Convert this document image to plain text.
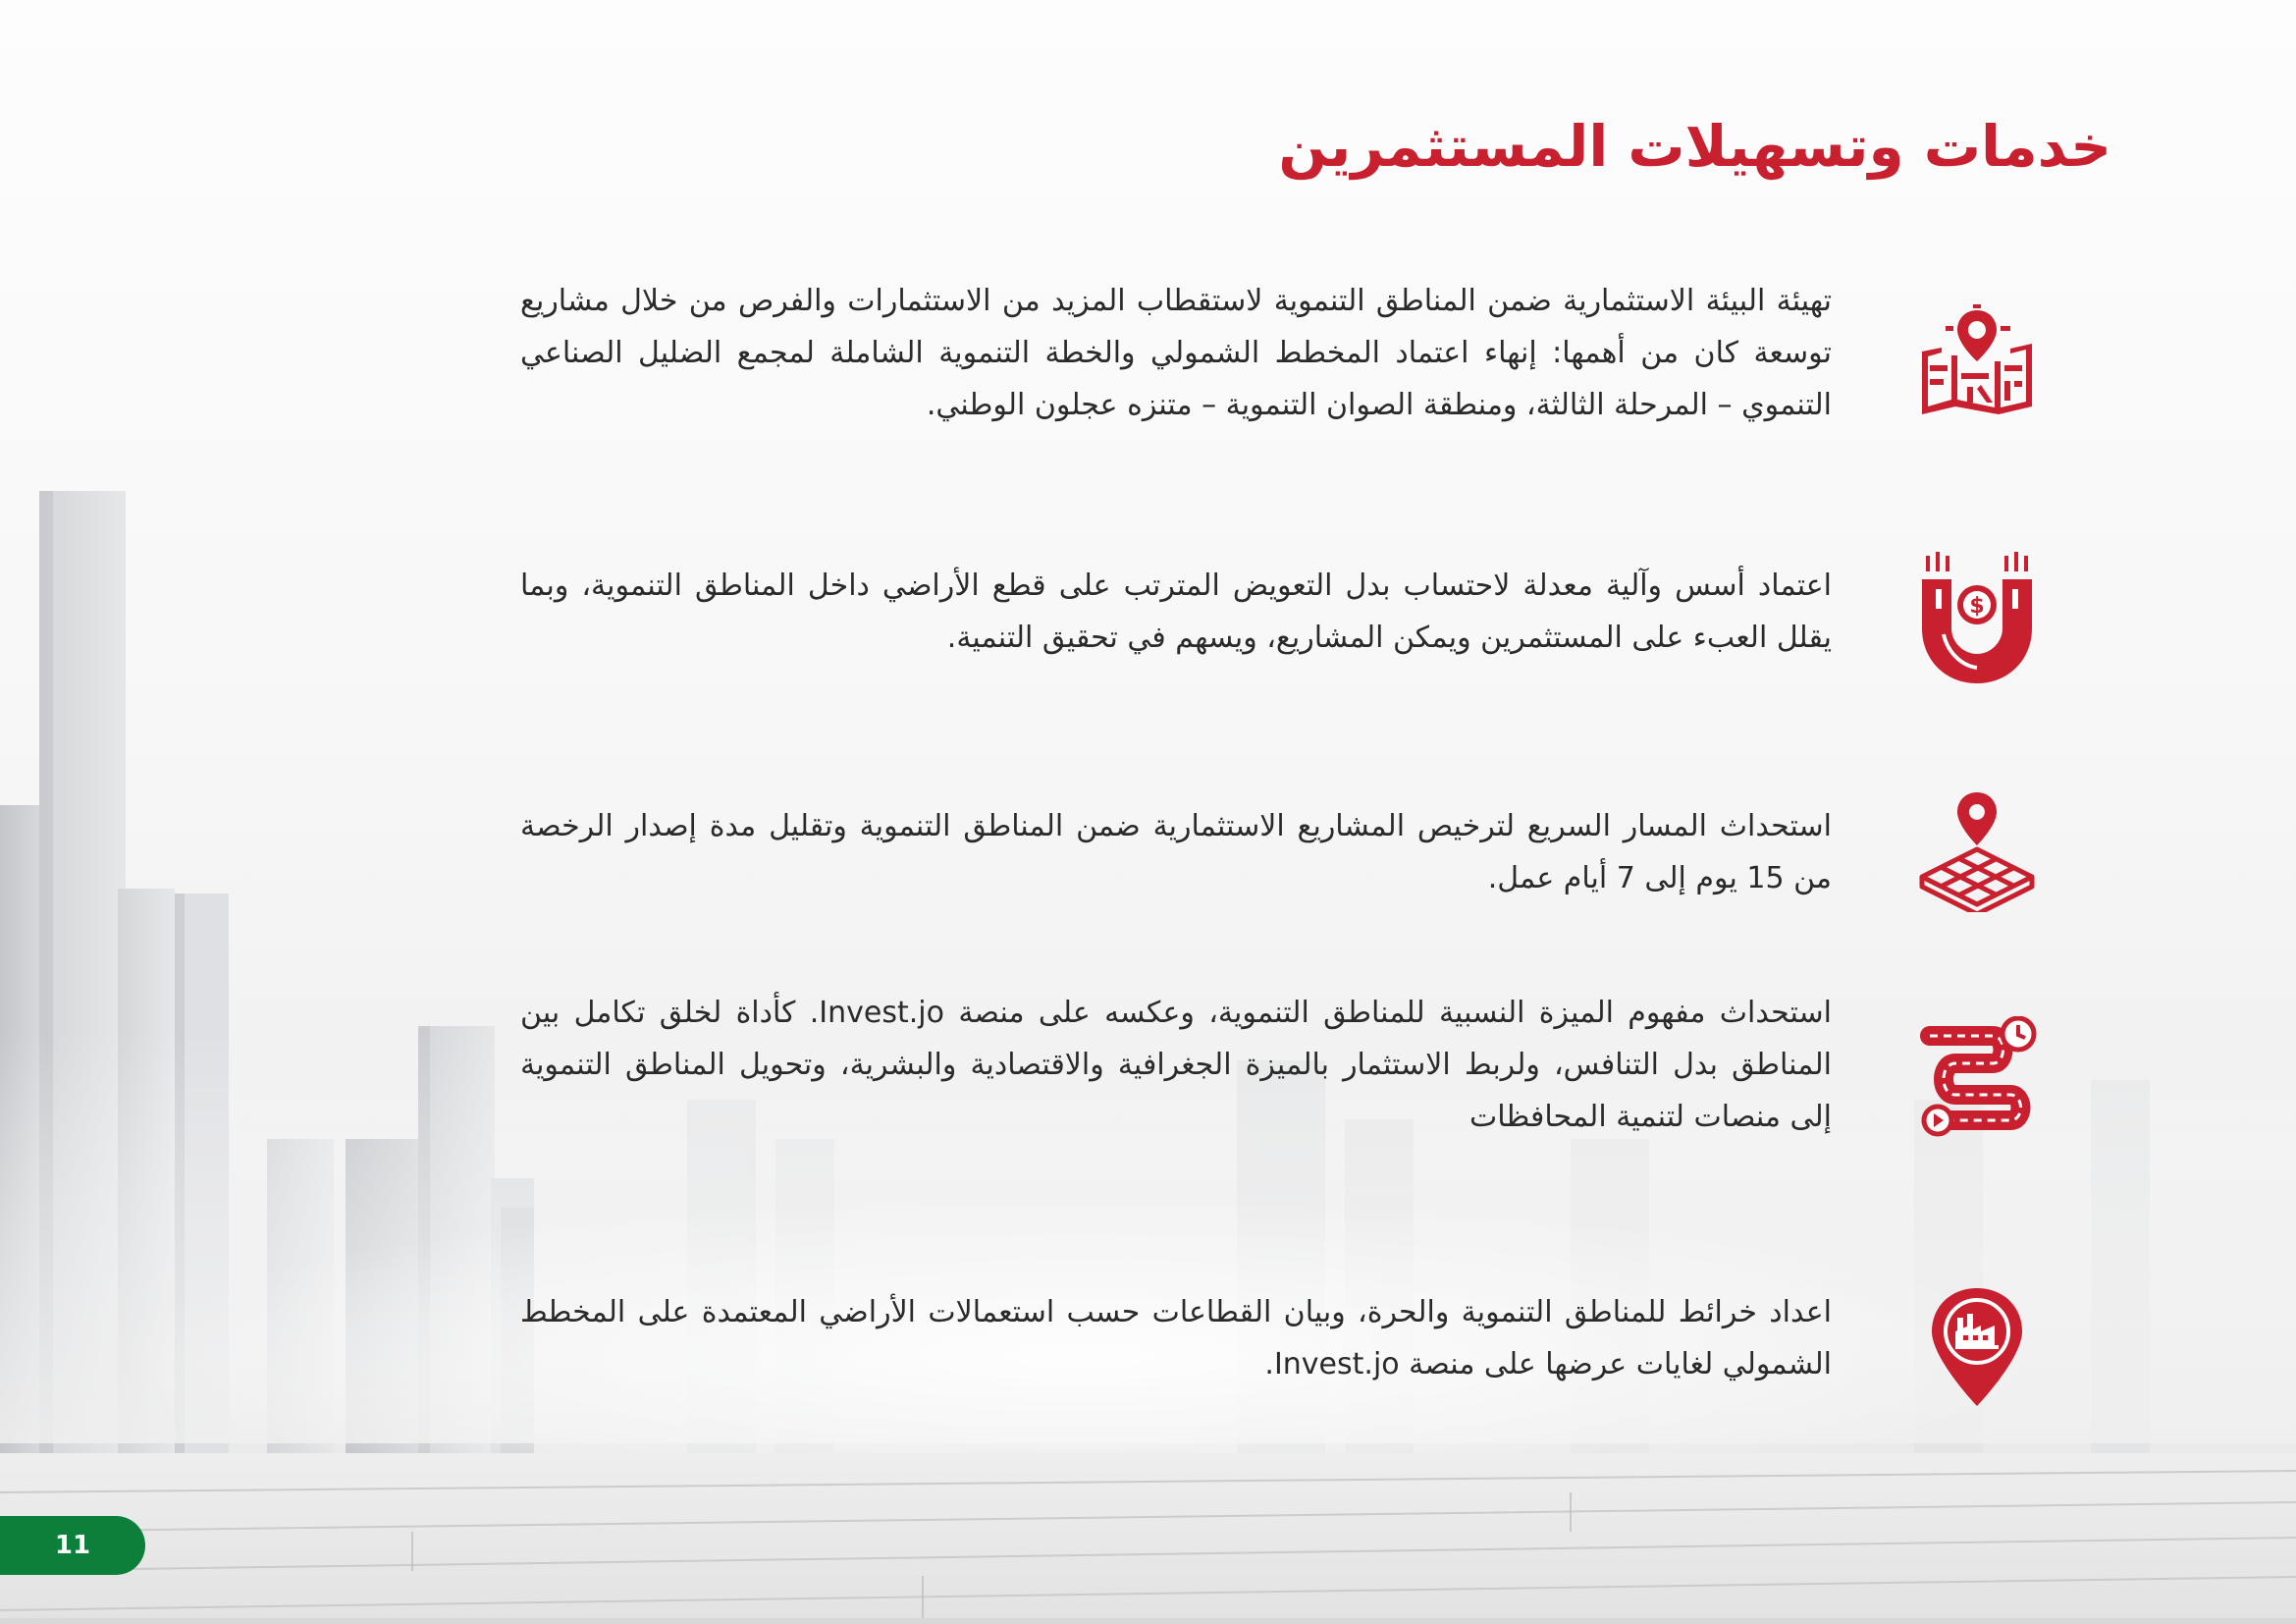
خدمات وتسهيلات المستثمرين

تهيئة البيئة الاستثمارية ضمن المناطق التنموية لاستقطاب المزيد من الاستثمارات والفرص من خلال مشاريع توسعة كان من أهمها: إنهاء اعتماد المخطط الشمولي والخطة التنموية الشاملة لمجمع الضليل الصناعي التنموي – المرحلة الثالثة، ومنطقة الصوان التنموية – متنزه عجلون الوطني.

اعتماد أسس وآلية معدلة لاحتساب بدل التعويض المترتب على قطع الأراضي داخل المناطق التنموية، وبما يقلل العبء على المستثمرين ويمكن المشاريع، ويسهم في تحقيق التنمية.

$

استحداث المسار السريع لترخيص المشاريع الاستثمارية ضمن المناطق التنموية وتقليل مدة إصدار الرخصة من 15 يوم إلى 7 أيام عمل.

استحداث مفهوم الميزة النسبية للمناطق التنموية، وعكسه على منصة Invest.jo. كأداة لخلق تكامل بين المناطق بدل التنافس، ولربط الاستثمار بالميزة الجغرافية والاقتصادية والبشرية، وتحويل المناطق التنموية إلى منصات لتنمية المحافظات

اعداد خرائط للمناطق التنموية والحرة، وبيان القطاعات حسب استعمالات الأراضي المعتمدة على المخطط الشمولي لغايات عرضها على منصة Invest.jo.

11
